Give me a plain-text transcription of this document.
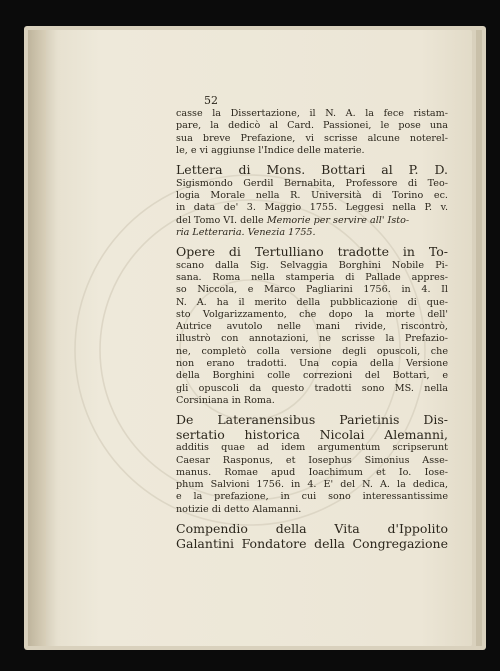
52
casse la Dissertazione, il N. A. la fece ristam-
pare, la dedicò al Card. Passionei, le pose una
sua breve Prefazione, vi scrisse alcune noterel-
le, e vi aggiunse l'Indice delle materie.
Lettera di Mons. Bottari al P. D.
Sigismondo Gerdil Bernabita, Professore di Teo-
logia Morale nella R. Università di Torino ec.
in data de' 3. Maggio 1755. Leggesi nella P. v.
del Tomo VI. delle Memorie per servire all' Isto-
ria Letteraria. Venezia 1755.
Opere di Tertulliano tradotte in To-
scano dalla Sig. Selvaggia Borghini Nobile Pi-
sana. Roma nella stamperia di Pallade appres-
so Niccola, e Marco Pagliarini 1756. in 4. Il
N. A. ha il merito della pubblicazione di que-
sto Volgarizzamento, che dopo la morte dell'
Autrice avutolo nelle mani rivide, riscontrò,
illustrò con annotazioni, ne scrisse la Prefazio-
ne, completò colla versione degli opuscoli, che
non erano tradotti. Una copia della Versione
della Borghini colle correzioni del Bottari, e
gli opuscoli da questo tradotti sono MS. nella
Corsiniana in Roma.
De Lateranensibus Parietinis Dis-
sertatio historica Nicolai Alemanni,
additis quae ad idem argumentum scripserunt
Caesar Rasponus, et Iosephus Simonius Asse-
manus. Romae apud Ioachimum et Io. Iose-
phum Salvioni 1756. in 4. E' del N. A. la dedica,
e la prefazione, in cui sono interessantissime
notizie di detto Alamanni.
Compendio della Vita d'Ippolito
Galantini Fondatore della Congregazione
